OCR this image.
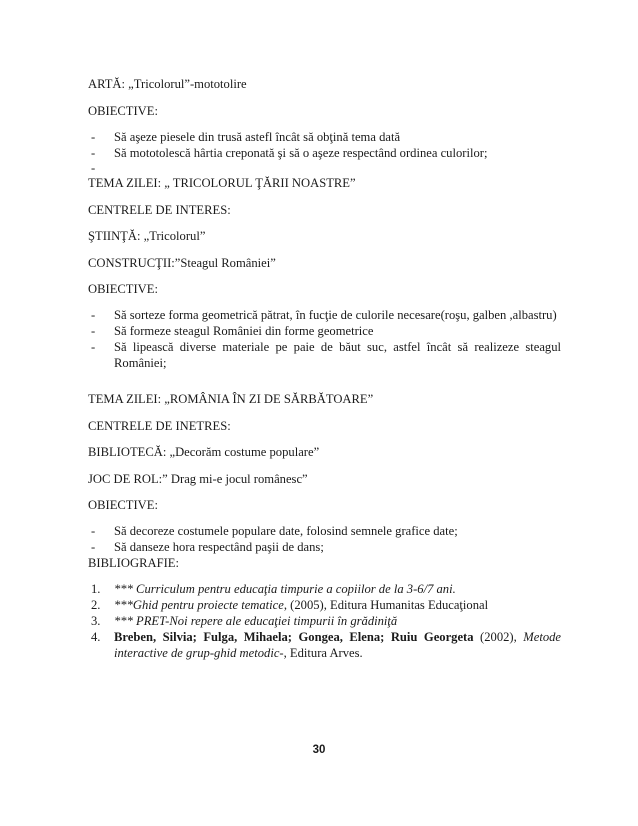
ARTĂ: „Tricolorul”-mototolire
OBIECTIVE:
- Să aşeze piesele din trusă astefl încât să obţină tema dată
- Să mototolescă hârtia creponată şi să o aşeze respectând ordinea culorilor;
-
TEMA ZILEI: „ TRICOLORUL ŢĂRII NOASTRE”
CENTRELE DE INTERES:
ŞTIINŢĂ: „Tricolorul”
CONSTRUCŢII:”Steagul României”
OBIECTIVE:
- Să sorteze forma geometrică pătrat, în fucţie de culorile necesare(roşu, galben ,albastru)
- Să formeze steagul României din forme geometrice
- Să lipească diverse materiale pe paie de băut suc, astfel încât să realizeze steagul
României;
TEMA ZILEI: „ROMÂNIA ÎN ZI DE SĂRBĂTOARE”
CENTRELE DE INETRES:
BIBLIOTECĂ: „Decorăm costume populare”
JOC DE ROL:” Drag mi-e jocul românesc”
OBIECTIVE:
- Să decoreze costumele populare date, folosind semnele grafice date;
- Să danseze hora respectând paşii de dans;
BIBLIOGRAFIE:
1. *** Curriculum pentru educaţia timpurie a copiilor de la 3-6/7 ani.
2. ***Ghid pentru proiecte tematice, (2005), Editura Humanitas Educaţional
3. *** PRET-Noi repere ale educaţiei timpurii în grădiniţă
4. Breben, Silvia; Fulga, Mihaela; Gongea, Elena; Ruiu Georgeta (2002), Metode
interactive de grup-ghid metodic-, Editura Arves.
30
